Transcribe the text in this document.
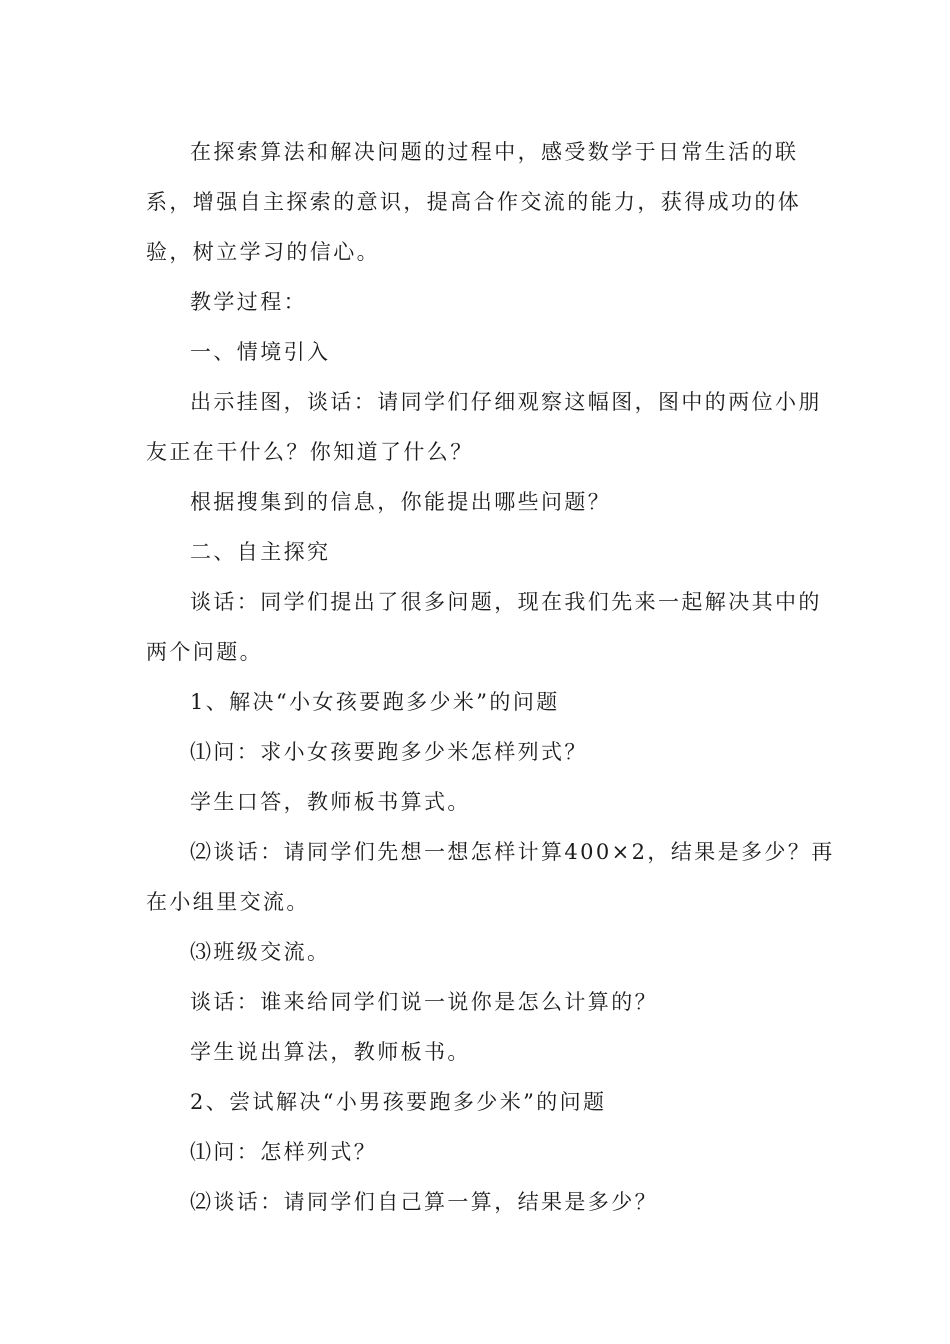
在探索算法和解决问题的过程中，感受数学于日常生活的联
系，增强自主探索的意识，提高合作交流的能力，获得成功的体
验，树立学习的信心。
教学过程：
一、情境引入
出示挂图，谈话：请同学们仔细观察这幅图，图中的两位小朋
友正在干什么？你知道了什么？
根据搜集到的信息，你能提出哪些问题？
二、自主探究
谈话：同学们提出了很多问题，现在我们先来一起解决其中的
两个问题。
1、解决“小女孩要跑多少米”的问题
⑴问：求小女孩要跑多少米怎样列式？
学生口答，教师板书算式。
⑵谈话：请同学们先想一想怎样计算400×2，结果是多少？再
在小组里交流。
⑶班级交流。
谈话：谁来给同学们说一说你是怎么计算的？
学生说出算法，教师板书。
2、尝试解决“小男孩要跑多少米”的问题
⑴问：怎样列式？
⑵谈话：请同学们自己算一算，结果是多少？
